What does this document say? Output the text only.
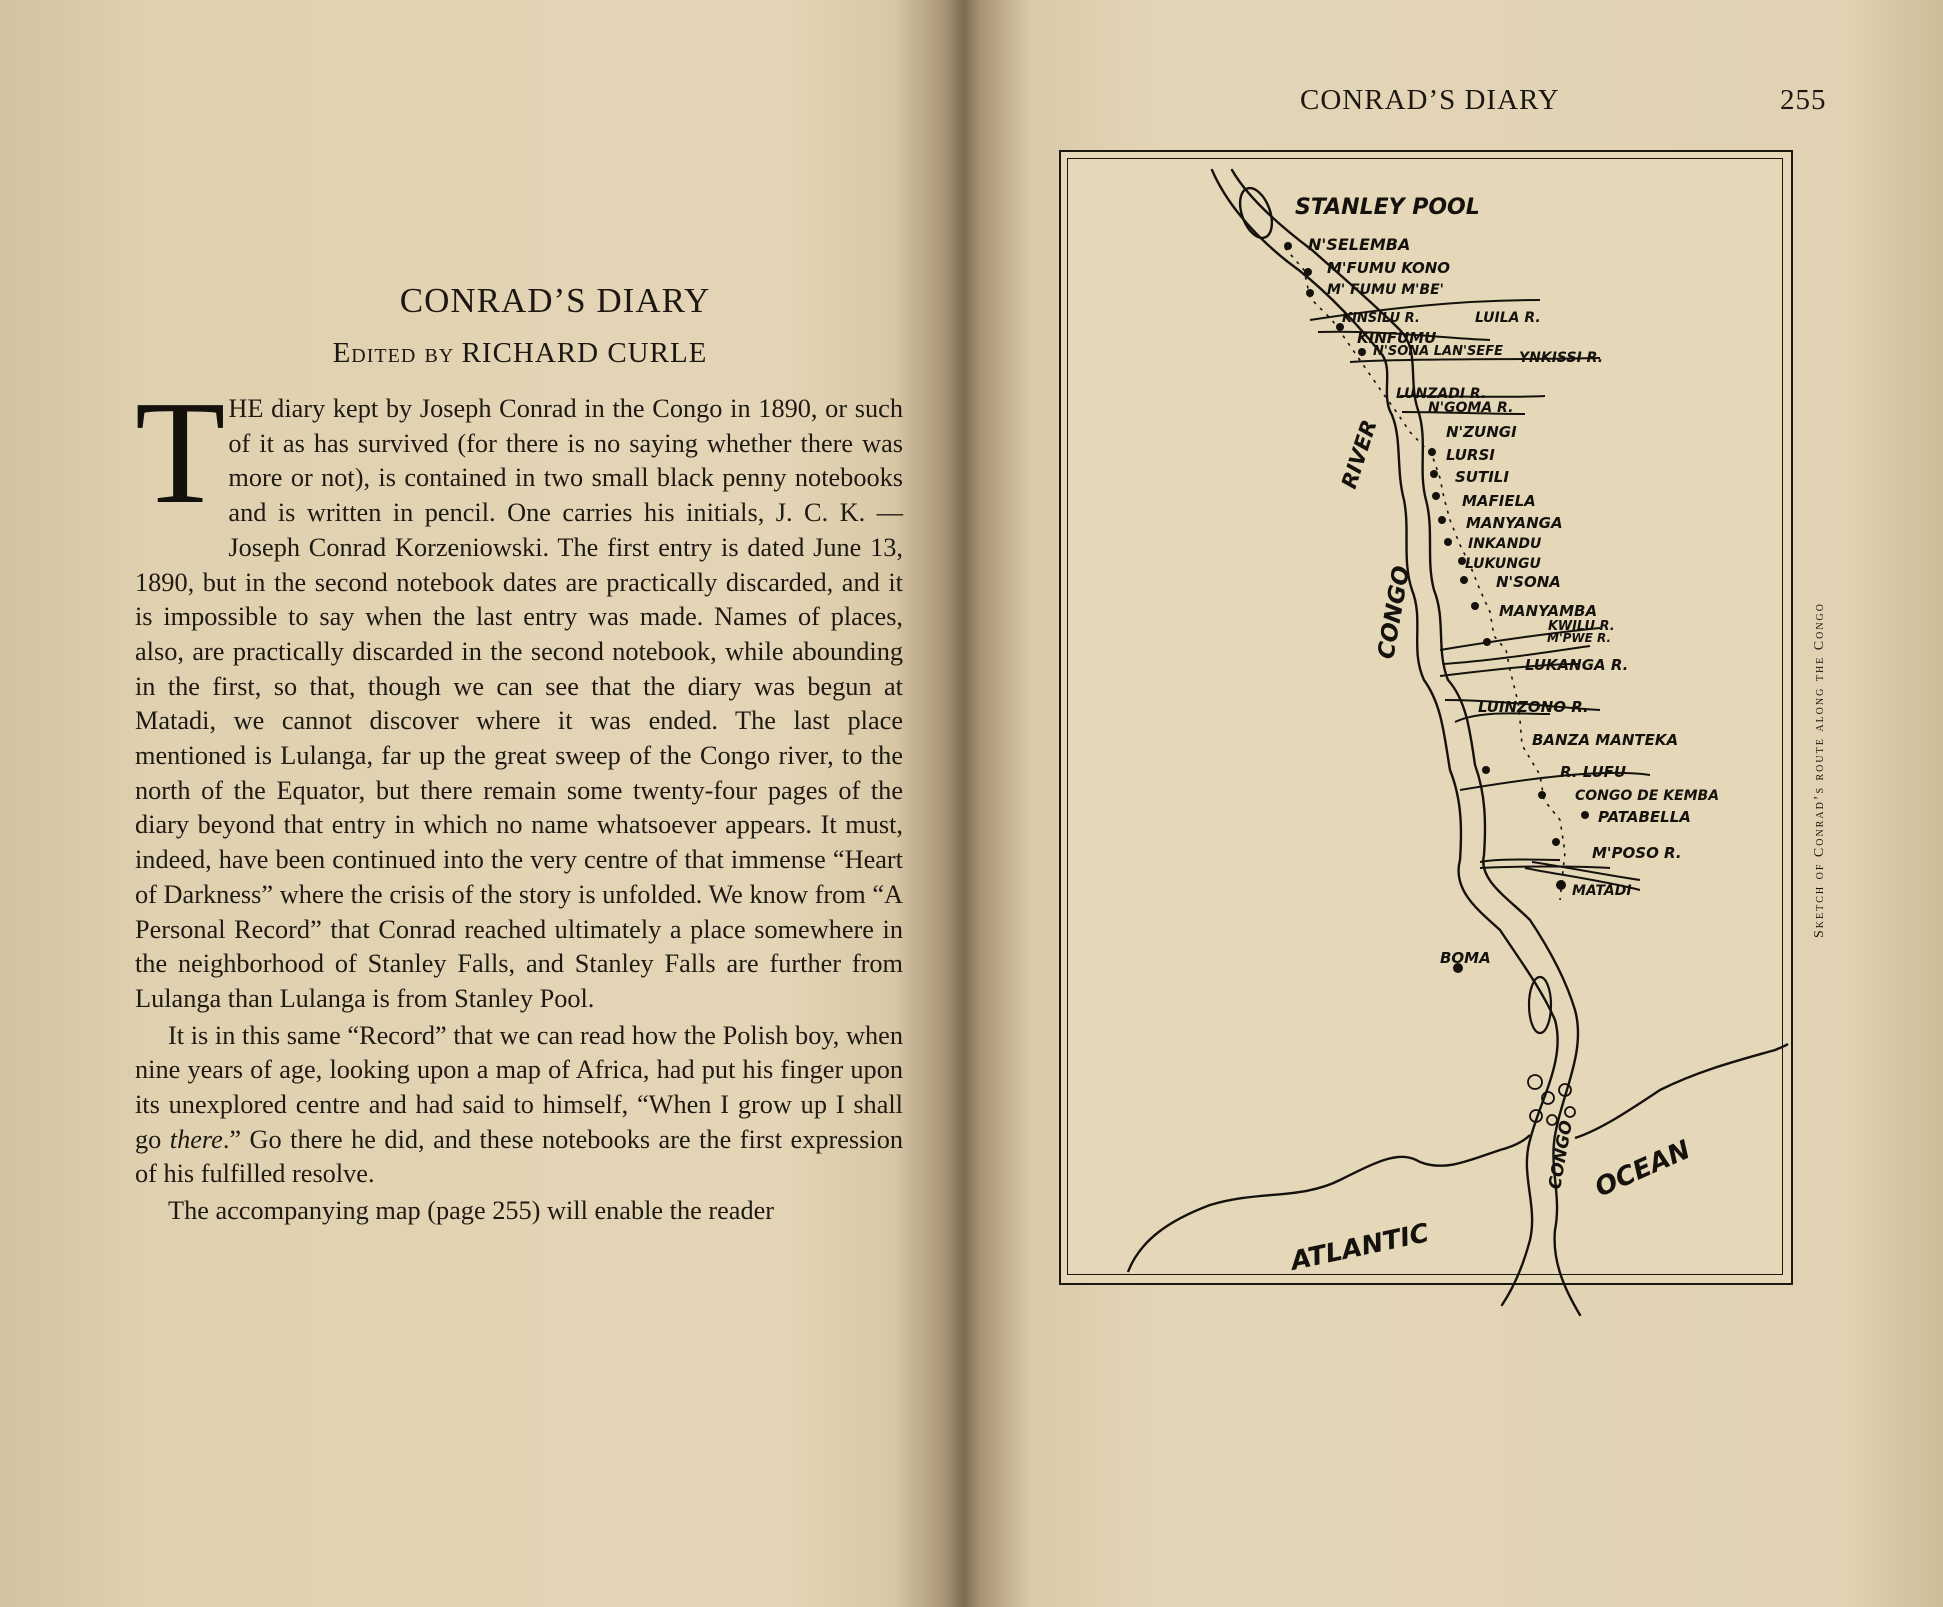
CONRAD’S DIARY
Edited by RICHARD CURLE

THE diary kept by Joseph Conrad in the Congo in 1890, or such of it as has survived (for there is no saying whether there was more or not), is contained in two small black penny notebooks and is written in pencil. One carries his initials, J. C. K. — Joseph Conrad Korzeniowski. The first entry is dated June 13, 1890, but in the second notebook dates are practically discarded, and it is impossible to say when the last entry was made. Names of places, also, are practically discarded in the second notebook, while abounding in the first, so that, though we can see that the diary was begun at Matadi, we cannot discover where it was ended. The last place mentioned is Lulanga, far up the great sweep of the Congo river, to the north of the Equator, but there remain some twenty-four pages of the diary beyond that entry in which no name whatsoever appears. It must, indeed, have been continued into the very centre of that immense “Heart of Darkness” where the crisis of the story is unfolded. We know from “A Personal Record” that Conrad reached ultimately a place somewhere in the neighborhood of Stanley Falls, and Stanley Falls are further from Lulanga than Lulanga is from Stanley Pool.

It is in this same “Record” that we can read how the Polish boy, when nine years of age, looking upon a map of Africa, had put his finger upon its unexplored centre and had said to himself, “When I grow up I shall go there.” Go there he did, and these notebooks are the first expression of his fulfilled resolve.

The accompanying map (page 255) will enable the reader

CONRAD’S DIARY	255
Sketch of Conrad’s route along the Congo
STANLEY POOL
RIVER
CONGO
CONGO
ATLANTIC
OCEAN
N'SELEMBA
M'FUMU KONO
M' FUMU M'BE'
KINSILU R.	LUILA R.
KINFUMU
N'SONA LAN'SEFE YNKISSI R.
LUNZADI R.
N'GOMA R.
N'ZUNGI
LURSI
SUTILI
MAFIELA
MANYANGA
INKANDU
LUKUNGU
N'SONA
MANYAMBA
KWILU R.
M'PWE R.
LUKANGA R.
LUINZONO R.
BANZA MANTEKA
R. LUFU
CONGO DE KEMBA
PATABELLA
M'POSO R.
MATADI
BOMA
